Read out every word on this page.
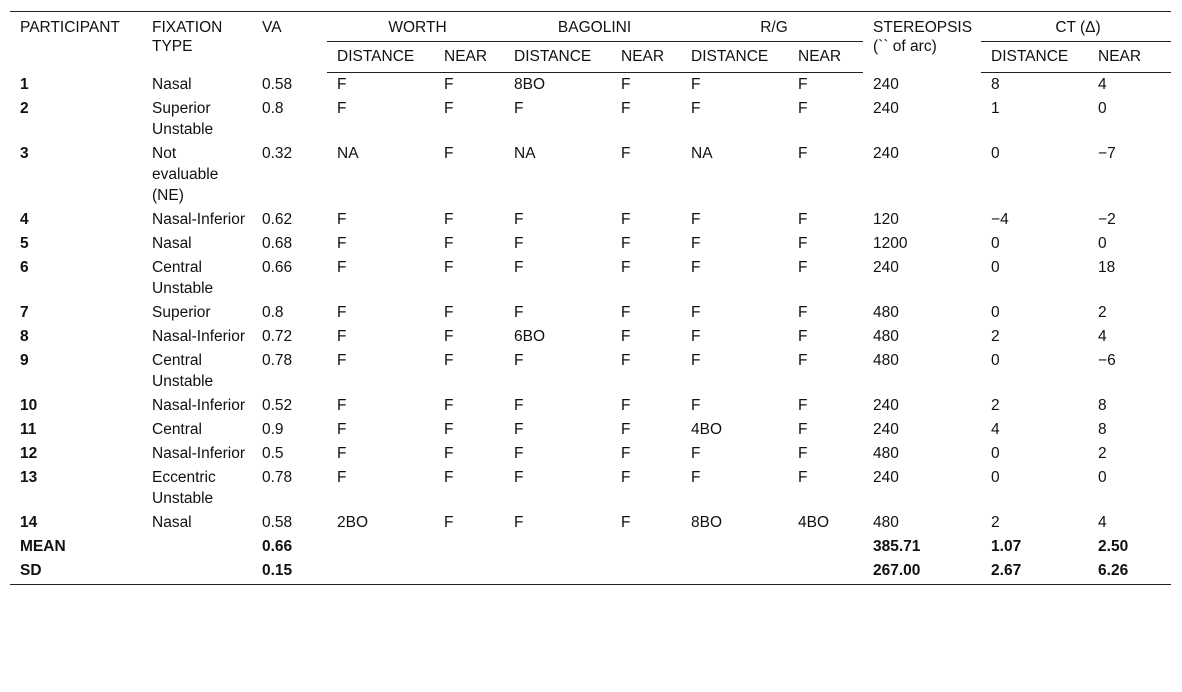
PARTICIPANT	FIXATION TYPE	VA	WORTH		BAGOLINI		R/G		STEREOPSIS (`` of arc)	CT (Δ)	
			DISTANCE	NEAR	DISTANCE	NEAR	DISTANCE	NEAR		DISTANCE	NEAR
1	Nasal	0.58	F	F	8BO	F	F	F	240	8	4
2	Superior Unstable	0.8	F	F	F	F	F	F	240	1	0
3	Not evaluable (NE)	0.32	NA	F	NA	F	NA	F	240	0	−7
4	Nasal-Inferior	0.62	F	F	F	F	F	F	120	−4	−2
5	Nasal	0.68	F	F	F	F	F	F	1200	0	0
6	Central Unstable	0.66	F	F	F	F	F	F	240	0	18
7	Superior	0.8	F	F	F	F	F	F	480	0	2
8	Nasal-Inferior	0.72	F	F	6BO	F	F	F	480	2	4
9	Central Unstable	0.78	F	F	F	F	F	F	480	0	−6
10	Nasal-Inferior	0.52	F	F	F	F	F	F	240	2	8
11	Central	0.9	F	F	F	F	4BO	F	240	4	8
12	Nasal-Inferior	0.5	F	F	F	F	F	F	480	0	2
13	Eccentric Unstable	0.78	F	F	F	F	F	F	240	0	0
14	Nasal	0.58	2BO	F	F	F	8BO	4BO	480	2	4
MEAN		0.66							385.71	1.07	2.50
SD		0.15							267.00	2.67	6.26
